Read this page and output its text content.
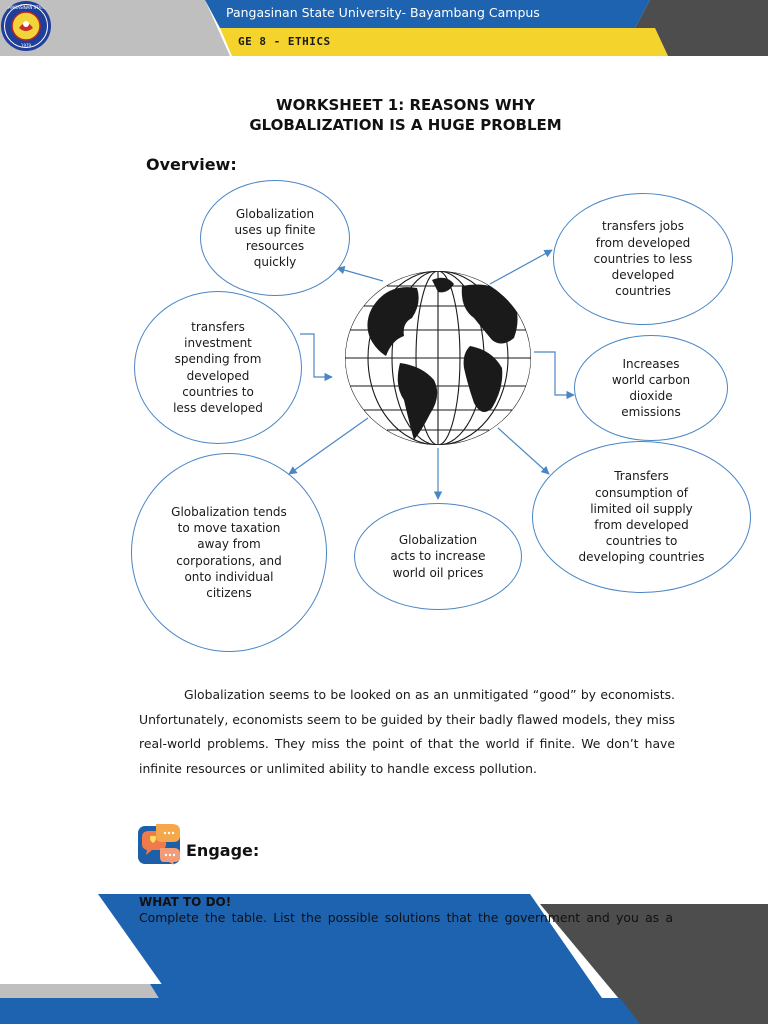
PANGASINAN STATE
1979
Pangasinan State University- Bayambang Campus
GE 8 - ETHICS
WORKSHEET 1: REASONS WHY
GLOBALIZATION IS A HUGE PROBLEM
Overview:
Globalization
uses up finite
resources
quickly
transfers jobs
from developed
countries to less
developed
countries
transfers
investment
spending from
developed
countries to
less developed
Increases
world carbon
dioxide
emissions
Globalization tends
to move taxation
away from
corporations, and
onto individual
citizens
Globalization
acts to increase
world oil prices
Transfers
consumption of
limited oil supply
from developed
countries to
developing countries
Globalization seems to be looked on as an unmitigated “good” by economists. Unfortunately, economists seem to be guided by their badly flawed models, they miss real-world problems. They miss the point of that the world if finite. We don’t have infinite resources or unlimited ability to handle excess pollution.
Engage:
WHAT TO DO!
Complete the table. List the possible solutions that the government and you as a
